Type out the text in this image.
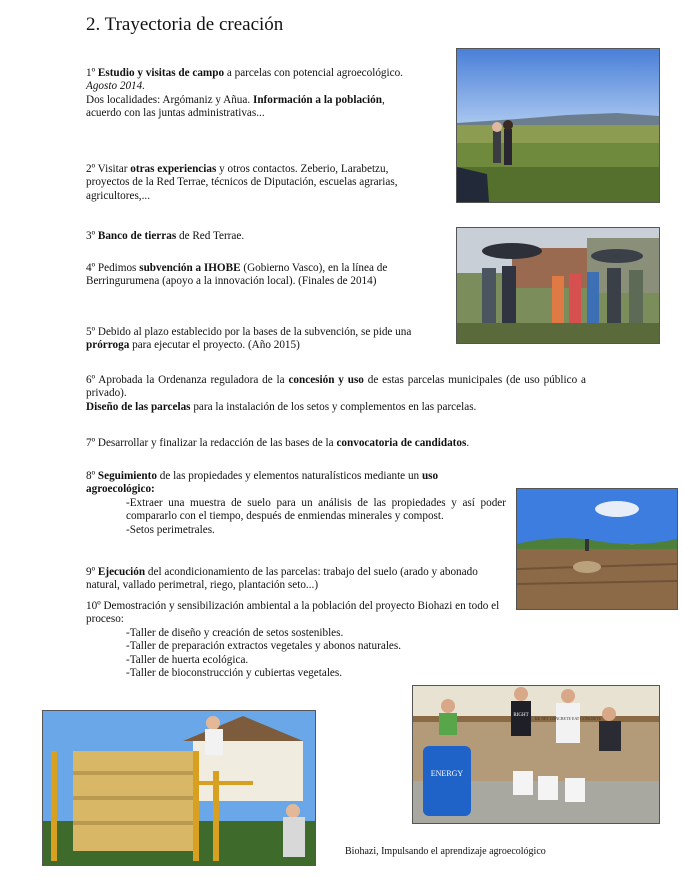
2. Trayectoria de creación
1º Estudio y visitas de campo a parcelas con potencial agroecológico. Agosto 2014.
Dos localidades: Argómaniz y Añua. Información a la población, acuerdo con las juntas administrativas...
2º Visitar otras experiencias y otros contactos. Zeberio, Larabetzu, proyectos de la Red Terrae, técnicos de Diputación, escuelas agrarias, agricultores,...
3º Banco de tierras de Red Terrae.
4º Pedimos subvención a IHOBE (Gobierno Vasco), en la línea de Berringurumena (apoyo a la innovación local). (Finales de 2014)
5º Debido al plazo establecido por la bases de la subvención, se pide una prórroga para ejecutar el proyecto. (Año 2015)
6º Aprobada la Ordenanza reguladora de la concesión y uso de estas parcelas municipales (de uso público a privado).
Diseño de las parcelas para la instalación de los setos y complementos en las parcelas.
7º Desarrollar y finalizar la redacción de las bases de la convocatoria de candidatos.
8º Seguimiento de las propiedades y elementos naturalísticos mediante un uso agroecológico:
-Extraer una muestra de suelo para un análisis de las propiedades y así poder compararlo con el tiempo, después de enmiendas minerales y compost.
-Setos perimetrales.
9º Ejecución del acondicionamiento de las parcelas: trabajo del suelo (arado y abonado natural, vallado perimetral, riego, plantación seto...)
10º Demostración y sensibilización ambiental a la población del proyecto Biohazi en todo el proceso:
-Taller de diseño y creación de setos sostenibles.
-Taller de preparación extractos vegetales y abonos naturales.
-Taller de huerta ecológica.
-Taller de bioconstrucción y cubiertas vegetales.
ENERGY
RIGHT
KE NET CONCRETE EAT CONCRETE
Biohazi, Impulsando el aprendizaje agroecológico
